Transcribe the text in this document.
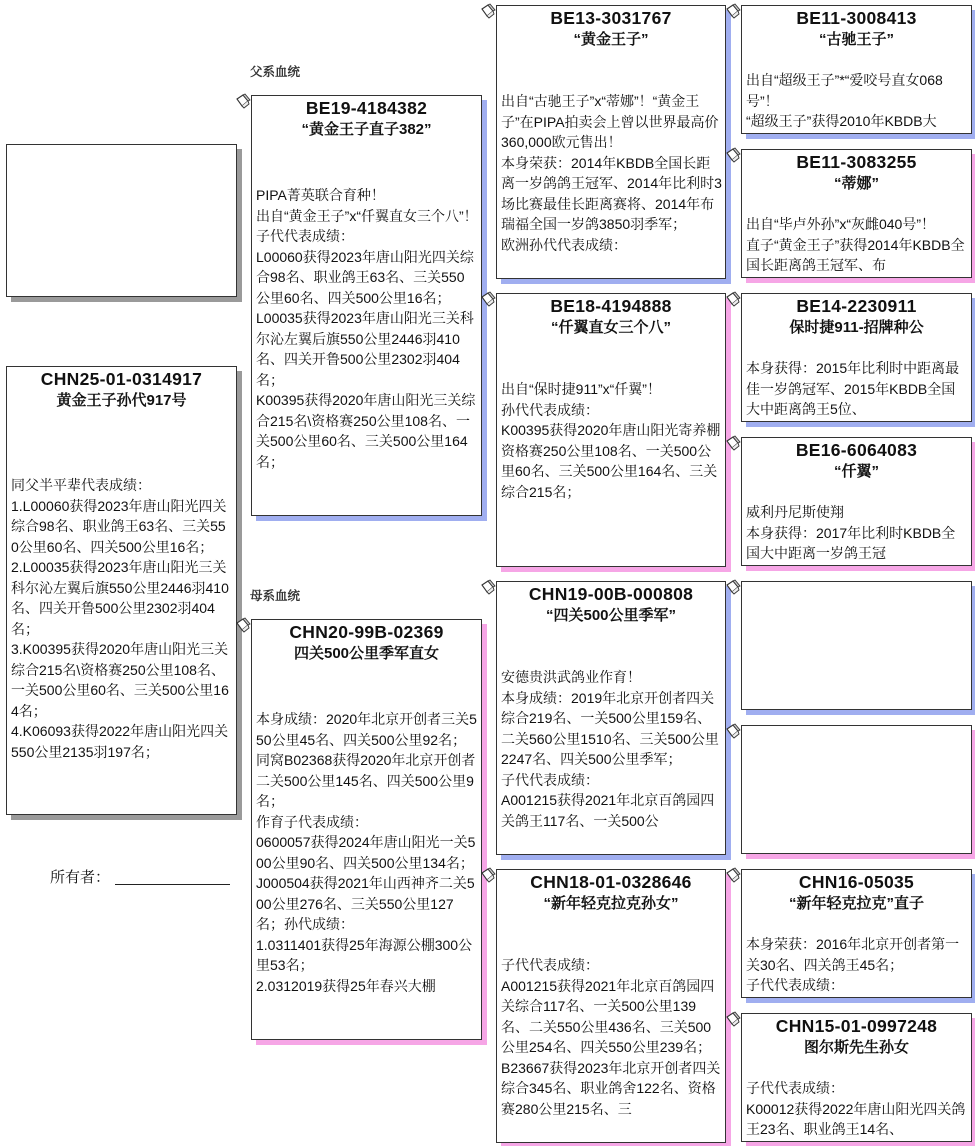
CHN25-01-0314917
黄金王子孙代917号
同父半平辈代表成绩：
1.L00060获得2023年唐山阳光四关综合98名、职业鸽王63名、三关550公里60名、四关500公里16名；
2.L00035获得2023年唐山阳光三关科尔沁左翼后旗550公里2446羽410名、四关开鲁500公里2302羽404名；
3.K00395获得2020年唐山阳光三关综合215名\资格赛250公里108名、一关500公里60名、三关500公里164名；
4.K06093获得2022年唐山阳光四关550公里2135羽197名；
所有者：
父系血统
母系血统
BE19-4184382
“黄金王子直子382”
PIPA菁英联合育种！
出自“黄金王子”x“仟翼直女三个八”！
子代代表成绩：
L00060获得2023年唐山阳光四关综合98名、职业鸽王63名、三关550公里60名、四关500公里16名；
L00035获得2023年唐山阳光三关科尔沁左翼后旗550公里2446羽410名、四关开鲁500公里2302羽404名；
K00395获得2020年唐山阳光三关综合215名\资格赛250公里108名、一关500公里60名、三关500公里164名；
CHN20-99B-02369
四关500公里季军直女
本身成绩：2020年北京开创者三关550公里45名、四关500公里92名；
同窝B02368获得2020年北京开创者二关500公里145名、四关500公里9名；
作育子代表成绩：
0600057获得2024年唐山阳光一关500公里90名、四关500公里134名；
J000504获得2021年山西神齐二关500公里276名、三关550公里127名；孙代成绩：
1.0311401获得25年海源公棚300公里53名；
2.0312019获得25年春兴大棚
BE13-3031767
“黄金王子”
出自“古驰王子”x“蒂娜”！“黄金王子”在PIPA拍卖会上曾以世界最高价360,000欧元售出！
本身荣获：2014年KBDB全国长距离一岁鸽鸽王冠军、2014年比利时3场比赛最佳长距离赛将、2014年布瑞福全国一岁鸽3850羽季军；
欧洲孙代代表成绩：
BE18-4194888
“仟翼直女三个八”
出自“保时捷911”x“仟翼”！
孙代代表成绩：
K00395获得2020年唐山阳光寄养棚资格赛250公里108名、一关500公里60名、三关500公里164名、三关综合215名；
CHN19-00B-000808
“四关500公里季军”
安德贵洪武鸽业作育！
本身成绩：2019年北京开创者四关综合219名、一关500公里159名、二关560公里1510名、三关500公里2247名、四关500公里季军；
子代代表成绩：
A001215获得2021年北京百鸽园四关鸽王117名、一关500公
CHN18-01-0328646
“新年轻克拉克孙女”
子代代表成绩：
A001215获得2021年北京百鸽园四关综合117名、一关500公里139名、二关550公里436名、三关500公里254名、四关550公里239名；
B23667获得2023年北京开创者四关综合345名、职业鸽舍122名、资格赛280公里215名、三
BE11-3008413
“古驰王子”
出自“超级王子”*“爱咬号直女068号”！
“超级王子”获得2010年KBDB大
BE11-3083255
“蒂娜”
出自“毕卢外孙”x“灰雌040号”！
直子“黄金王子”获得2014年KBDB全国长距离鸽王冠军、布
BE14-2230911
保时捷911-招牌种公
本身获得：2015年比利时中距离最佳一岁鸽冠军、2015年KBDB全国大中距离鸽王5位、
BE16-6064083
“仟翼”
威利丹尼斯使翔
本身获得：2017年比利时KBDB全国大中距离一岁鸽王冠
CHN16-05035
“新年轻克拉克”直子
本身荣获：2016年北京开创者第一关30名、四关鸽王45名；
子代代表成绩：
CHN15-01-0997248
图尔斯先生孙女
子代代表成绩：
K00012获得2022年唐山阳光四关鸽王23名、职业鸽王14名、
